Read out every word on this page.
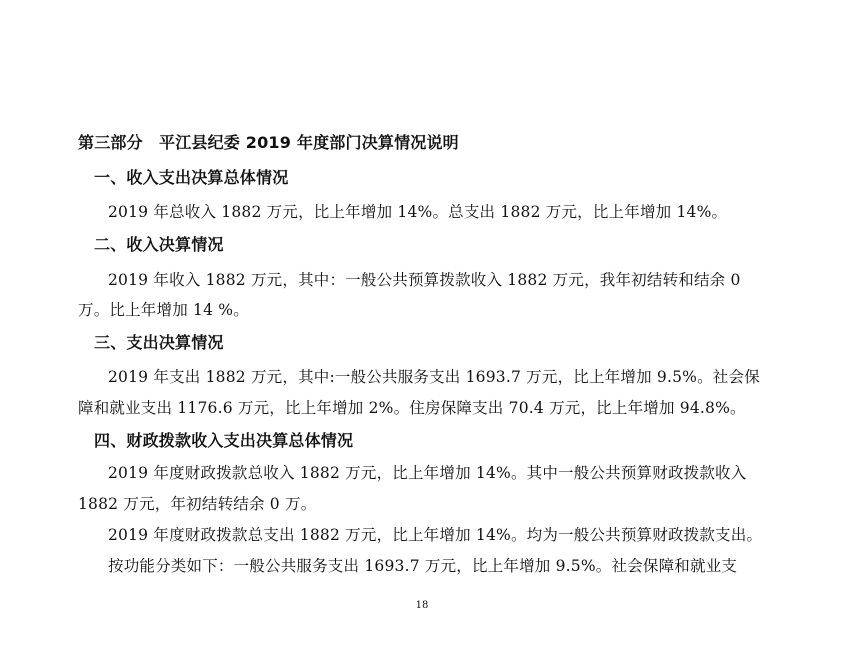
第三部分　平江县纪委 2019 年度部门决算情况说明
一、收入支出决算总体情况
2019 年总收入 1882 万元，比上年增加 14%。总支出 1882 万元，比上年增加 14%。
二、收入决算情况
2019 年收入 1882 万元，其中：一般公共预算拨款收入 1882 万元，我年初结转和结余 0
万。比上年增加 14 %。
三、支出决算情况
2019 年支出 1882 万元，其中:一般公共服务支出 1693.7 万元，比上年增加 9.5%。社会保
障和就业支出 1176.6 万元，比上年增加 2%。住房保障支出 70.4 万元，比上年增加 94.8%。
四、财政拨款收入支出决算总体情况
2019 年度财政拨款总收入 1882 万元，比上年增加 14%。其中一般公共预算财政拨款收入
1882 万元，年初结转结余 0 万。
2019 年度财政拨款总支出 1882 万元，比上年增加 14%。均为一般公共预算财政拨款支出。
按功能分类如下：一般公共服务支出 1693.7 万元，比上年增加 9.5%。社会保障和就业支
18
